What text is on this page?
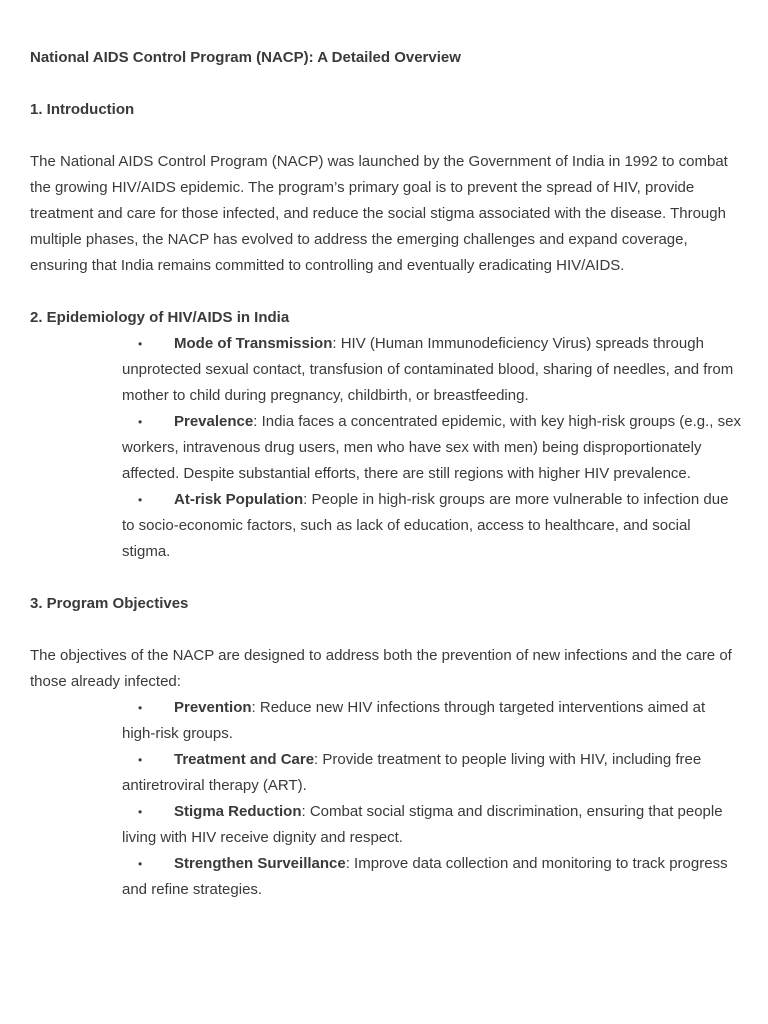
National AIDS Control Program (NACP): A Detailed Overview
1. Introduction

The National AIDS Control Program (NACP) was launched by the Government of India in 1992 to combat the growing HIV/AIDS epidemic. The program’s primary goal is to prevent the spread of HIV, provide treatment and care for those infected, and reduce the social stigma associated with the disease. Through multiple phases, the NACP has evolved to address the emerging challenges and expand coverage, ensuring that India remains committed to controlling and eventually eradicating HIV/AIDS.

2. Epidemiology of HIV/AIDS in India
• Mode of Transmission: HIV (Human Immunodeficiency Virus) spreads through unprotected sexual contact, transfusion of contaminated blood, sharing of needles, and from mother to child during pregnancy, childbirth, or breastfeeding.
• Prevalence: India faces a concentrated epidemic, with key high-risk groups (e.g., sex workers, intravenous drug users, men who have sex with men) being disproportionately affected. Despite substantial efforts, there are still regions with higher HIV prevalence.
• At-risk Population: People in high-risk groups are more vulnerable to infection due to socio-economic factors, such as lack of education, access to healthcare, and social stigma.
3. Program Objectives

The objectives of the NACP are designed to address both the prevention of new infections and the care of those already infected:

• Prevention: Reduce new HIV infections through targeted interventions aimed at high-risk groups.
• Treatment and Care: Provide treatment to people living with HIV, including free antiretroviral therapy (ART).
• Stigma Reduction: Combat social stigma and discrimination, ensuring that people living with HIV receive dignity and respect.
• Strengthen Surveillance: Improve data collection and monitoring to track progress and refine strategies.
